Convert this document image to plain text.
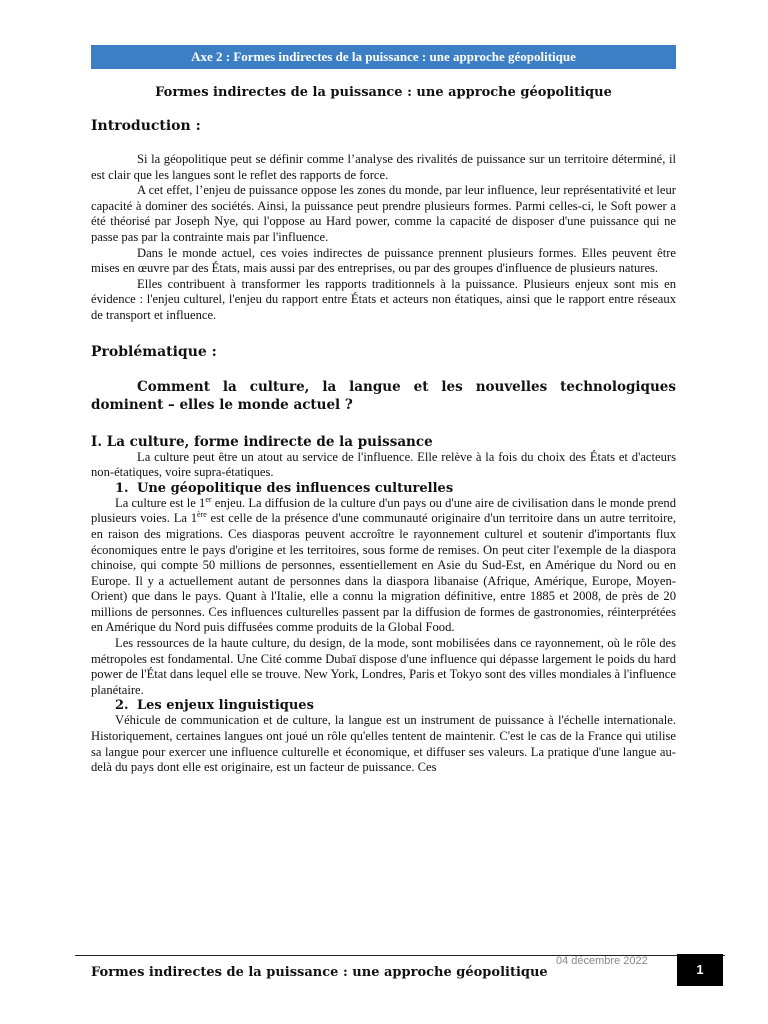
Axe 2 : Formes indirectes de la puissance : une approche géopolitique
Formes indirectes de la puissance : une approche géopolitique

Introduction :

Si la géopolitique peut se définir comme l’analyse des rivalités de puissance sur un territoire déterminé, il est clair que les langues sont le reflet des rapports de force.

A cet effet, l’enjeu de puissance oppose les zones du monde, par leur influence, leur représentativité et leur capacité à dominer des sociétés. Ainsi, la puissance peut prendre plusieurs formes. Parmi celles-ci, le Soft power a été théorisé par Joseph Nye, qui l'oppose au Hard power, comme la capacité de disposer d'une puissance qui ne passe pas par la contrainte mais par l'influence.

Dans le monde actuel, ces voies indirectes de puissance prennent plusieurs formes. Elles peuvent être mises en œuvre par des États, mais aussi par des entreprises, ou par des groupes d'influence de plusieurs natures.

Elles contribuent à transformer les rapports traditionnels à la puissance. Plusieurs enjeux sont mis en évidence : l'enjeu culturel, l'enjeu du rapport entre États et acteurs non étatiques, ainsi que le rapport entre réseaux de transport et influence.

Problématique :

Comment la culture, la langue et les nouvelles technologiques dominent – elles le monde actuel ?

I. La culture, forme indirecte de la puissance

La culture peut être un atout au service de l'influence. Elle relève à la fois du choix des États et d'acteurs non-étatiques, voire supra-étatiques.

1. Une géopolitique des influences culturelles

La culture est le 1er enjeu. La diffusion de la culture d'un pays ou d'une aire de civilisation dans le monde prend plusieurs voies. La 1ère est celle de la présence d'une communauté originaire d'un territoire dans un autre territoire, en raison des migrations. Ces diasporas peuvent accroître le rayonnement culturel et soutenir d'importants flux économiques entre le pays d'origine et les territoires, sous forme de remises. On peut citer l'exemple de la diaspora chinoise, qui compte 50 millions de personnes, essentiellement en Asie du Sud-Est, en Amérique du Nord ou en Europe. Il y a actuellement autant de personnes dans la diaspora libanaise (Afrique, Amérique, Europe, Moyen-Orient) que dans le pays. Quant à l'Italie, elle a connu la migration définitive, entre 1885 et 2008, de près de 20 millions de personnes. Ces influences culturelles passent par la diffusion de formes de gastronomies, réinterprétées en Amérique du Nord puis diffusées comme produits de la Global Food.

Les ressources de la haute culture, du design, de la mode, sont mobilisées dans ce rayonnement, où le rôle des métropoles est fondamental. Une Cité comme Dubaï dispose d'une influence qui dépasse largement le poids du hard power de l'État dans lequel elle se trouve. New York, Londres, Paris et Tokyo sont des villes mondiales à l'influence planétaire.

2. Les enjeux linguistiques

Véhicule de communication et de culture, la langue est un instrument de puissance à l'échelle internationale. Historiquement, certaines langues ont joué un rôle qu'elles tentent de maintenir. C'est le cas de la France qui utilise sa langue pour exercer une influence culturelle et économique, et diffuser ses valeurs. La pratique d'une langue au-delà du pays dont elle est originaire, est un facteur de puissance. Ces

04 décembre 2022
Formes indirectes de la puissance : une approche géopolitique	1
